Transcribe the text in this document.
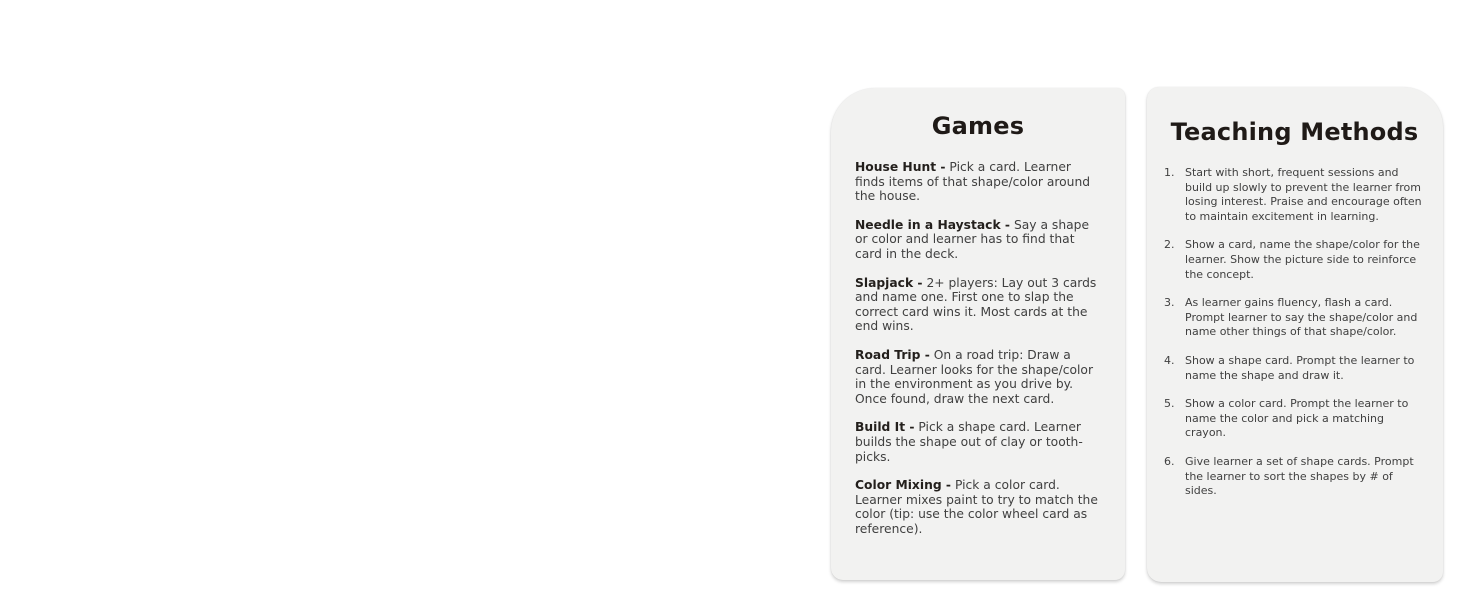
Games

House Hunt - Pick a card. Learner finds items of that shape/color around the house.

Needle in a Haystack - Say a shape or color and learner has to find that card in the deck.

Slapjack - 2+ players: Lay out 3 cards and name one. First one to slap the correct card wins it. Most cards at the end wins.

Road Trip - On a road trip: Draw a card. Learner looks for the shape/color in the environment as you drive by. Once found, draw the next card.

Build It - Pick a shape card. Learner builds the shape out of clay or tooth-picks.

Color Mixing - Pick a color card. Learner mixes paint to try to match the color (tip: use the color wheel card as reference).

Teaching Methods
1. Start with short, frequent sessions and build up slowly to prevent the learner from losing interest. Praise and encourage often to maintain excitement in learning.
2. Show a card, name the shape/color for the learner. Show the picture side to reinforce the concept.
3. As learner gains fluency, flash a card. Prompt learner to say the shape/color and name other things of that shape/color.
4. Show a shape card. Prompt the learner to name the shape and draw it.
5. Show a color card. Prompt the learner to name the color and pick a matching crayon.
6. Give learner a set of shape cards. Prompt the learner to sort the shapes by # of sides.
